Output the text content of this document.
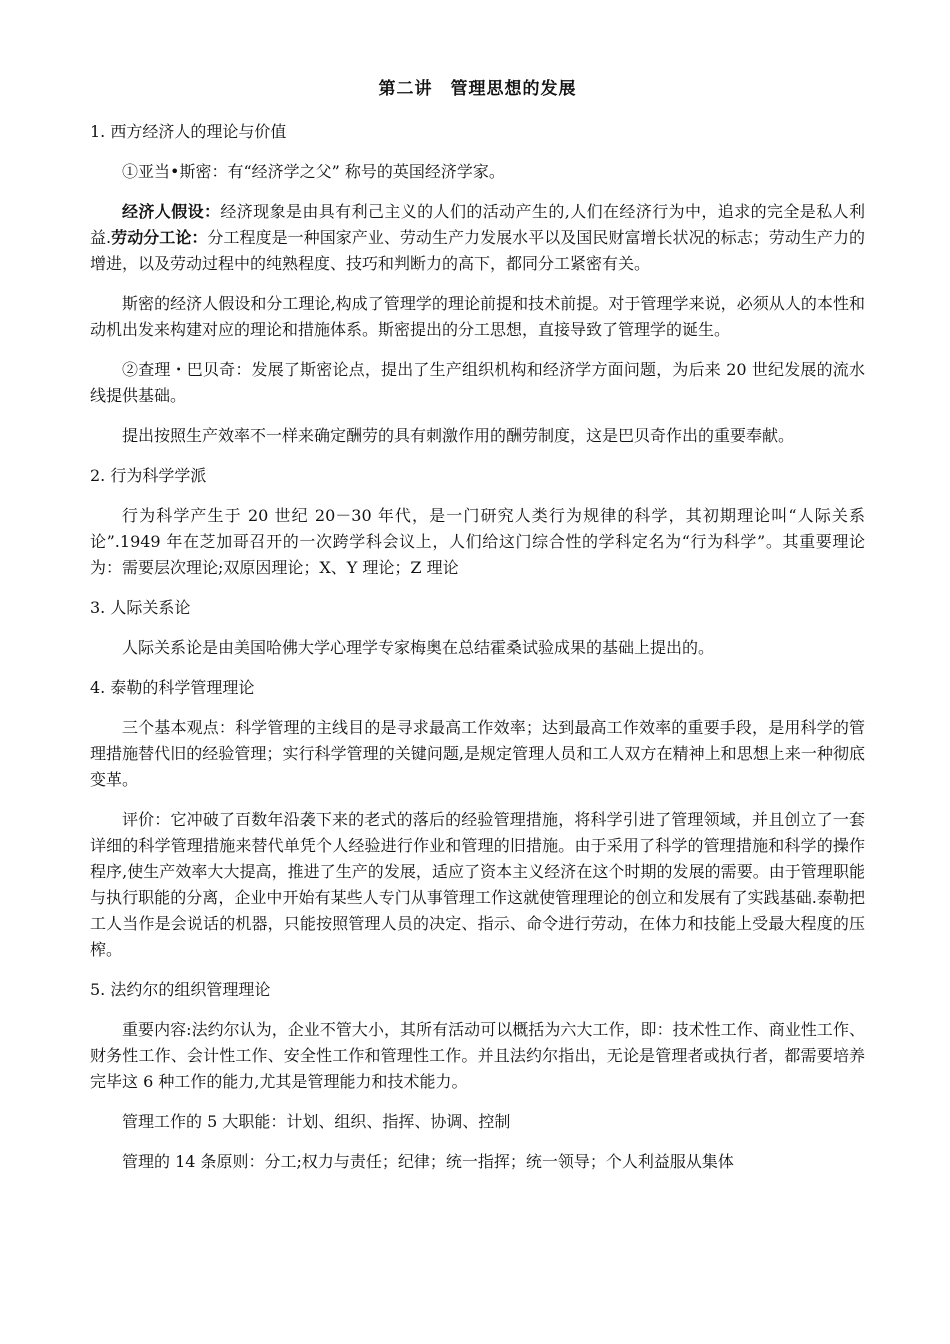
第二讲　管理思想的发展
1. 西方经济人的理论与价值

①亚当•斯密：有“经济学之父” 称号的英国经济学家。

经济人假设：经济现象是由具有利己主义的人们的活动产生的,人们在经济行为中，追求的完全是私人利益.劳动分工论：分工程度是一种国家产业、劳动生产力发展水平以及国民财富增长状况的标志；劳动生产力的增进，以及劳动过程中的纯熟程度、技巧和判断力的高下，都同分工紧密有关。

斯密的经济人假设和分工理论,构成了管理学的理论前提和技术前提。对于管理学来说，必须从人的本性和动机出发来构建对应的理论和措施体系。斯密提出的分工思想，直接导致了管理学的诞生。

②查理・巴贝奇：发展了斯密论点，提出了生产组织机构和经济学方面问题，为后来 20 世纪发展的流水线提供基础。

提出按照生产效率不一样来确定酬劳的具有刺激作用的酬劳制度，这是巴贝奇作出的重要奉献。

2. 行为科学学派

行为科学产生于 20 世纪 20－30 年代，是一门研究人类行为规律的科学，其初期理论叫“人际关系论”.1949 年在芝加哥召开的一次跨学科会议上，人们给这门综合性的学科定名为“行为科学”。其重要理论为：需要层次理论;双原因理论；X、Y 理论；Z 理论

3. 人际关系论

人际关系论是由美国哈佛大学心理学专家梅奥在总结霍桑试验成果的基础上提出的。

4. 泰勒的科学管理理论

三个基本观点：科学管理的主线目的是寻求最高工作效率；达到最高工作效率的重要手段，是用科学的管理措施替代旧的经验管理；实行科学管理的关键问题,是规定管理人员和工人双方在精神上和思想上来一种彻底变革。

评价：它冲破了百数年沿袭下来的老式的落后的经验管理措施，将科学引进了管理领域，并且创立了一套详细的科学管理措施来替代单凭个人经验进行作业和管理的旧措施。由于采用了科学的管理措施和科学的操作程序,使生产效率大大提高，推进了生产的发展，适应了资本主义经济在这个时期的发展的需要。由于管理职能与执行职能的分离，企业中开始有某些人专门从事管理工作这就使管理理论的创立和发展有了实践基础.泰勒把工人当作是会说话的机器，只能按照管理人员的决定、指示、命令进行劳动，在体力和技能上受最大程度的压榨。

5. 法约尔的组织管理理论

重要内容:法约尔认为，企业不管大小，其所有活动可以概括为六大工作，即：技术性工作、商业性工作、财务性工作、会计性工作、安全性工作和管理性工作。并且法约尔指出，无论是管理者或执行者，都需要培养完毕这 6 种工作的能力,尤其是管理能力和技术能力。

管理工作的 5 大职能：计划、组织、指挥、协调、控制

管理的 14 条原则：分工;权力与责任；纪律；统一指挥；统一领导；个人利益服从集体
